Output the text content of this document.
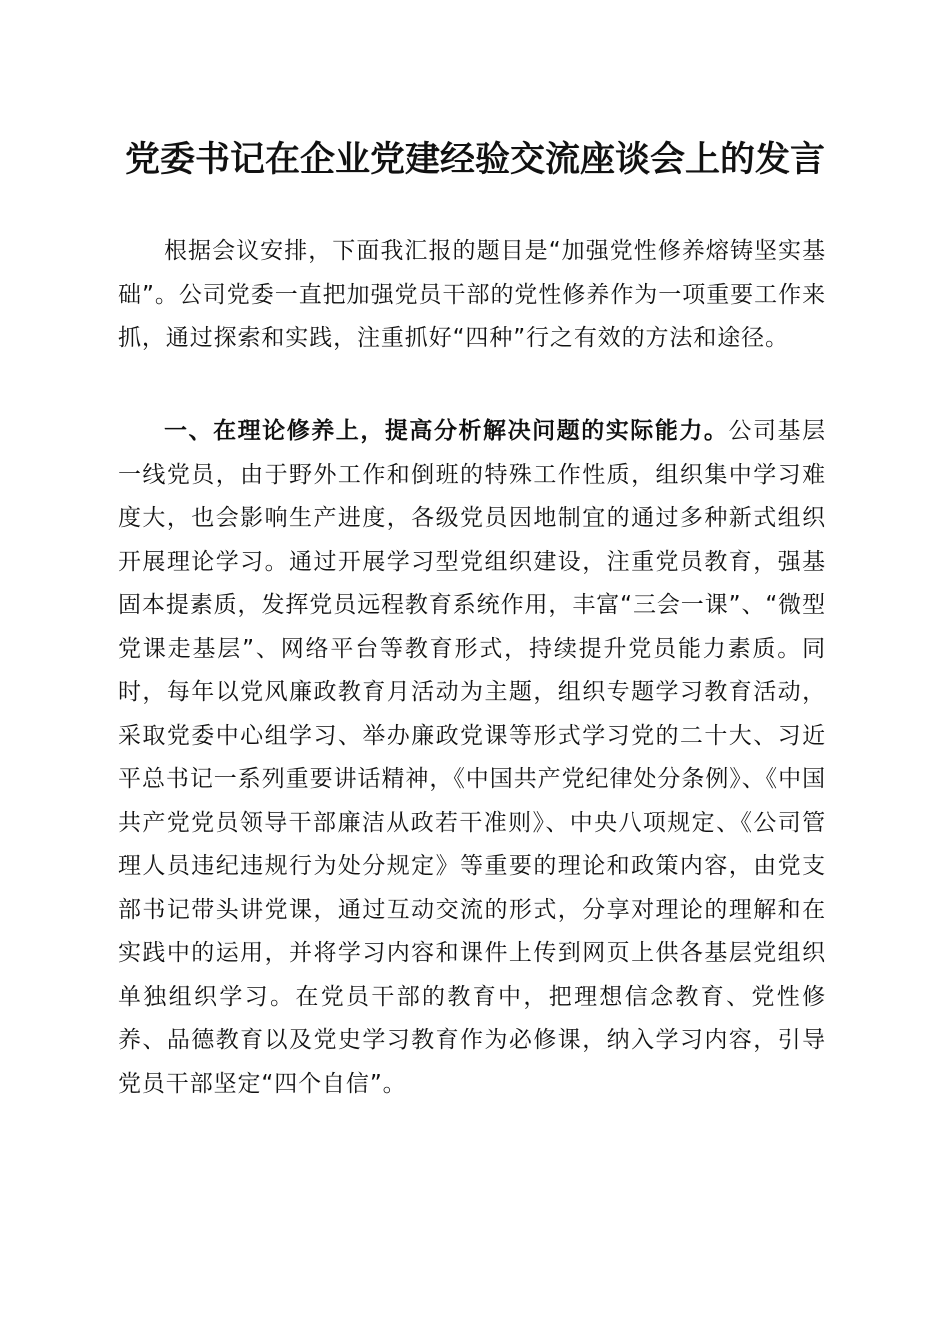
党委书记在企业党建经验交流座谈会上的发言

根据会议安排，下面我汇报的题目是“加强党性修养熔铸坚实基础”。公司党委一直把加强党员干部的党性修养作为一项重要工作来抓，通过探索和实践，注重抓好“四种”行之有效的方法和途径。

一、在理论修养上，提高分析解决问题的实际能力。公司基层一线党员，由于野外工作和倒班的特殊工作性质，组织集中学习难度大，也会影响生产进度，各级党员因地制宜的通过多种新式组织开展理论学习。通过开展学习型党组织建设，注重党员教育，强基固本提素质，发挥党员远程教育系统作用，丰富“三会一课”、“微型党课走基层”、网络平台等教育形式，持续提升党员能力素质。同时，每年以党风廉政教育月活动为主题，组织专题学习教育活动，采取党委中心组学习、举办廉政党课等形式学习党的二十大、习近平总书记一系列重要讲话精神，《中国共产党纪律处分条例》、《中国共产党党员领导干部廉洁从政若干准则》、中央八项规定、《公司管理人员违纪违规行为处分规定》等重要的理论和政策内容，由党支部书记带头讲党课，通过互动交流的形式，分享对理论的理解和在实践中的运用，并将学习内容和课件上传到网页上供各基层党组织单独组织学习。在党员干部的教育中，把理想信念教育、党性修养、品德教育以及党史学习教育作为必修课，纳入学习内容，引导党员干部坚定“四个自信”。
